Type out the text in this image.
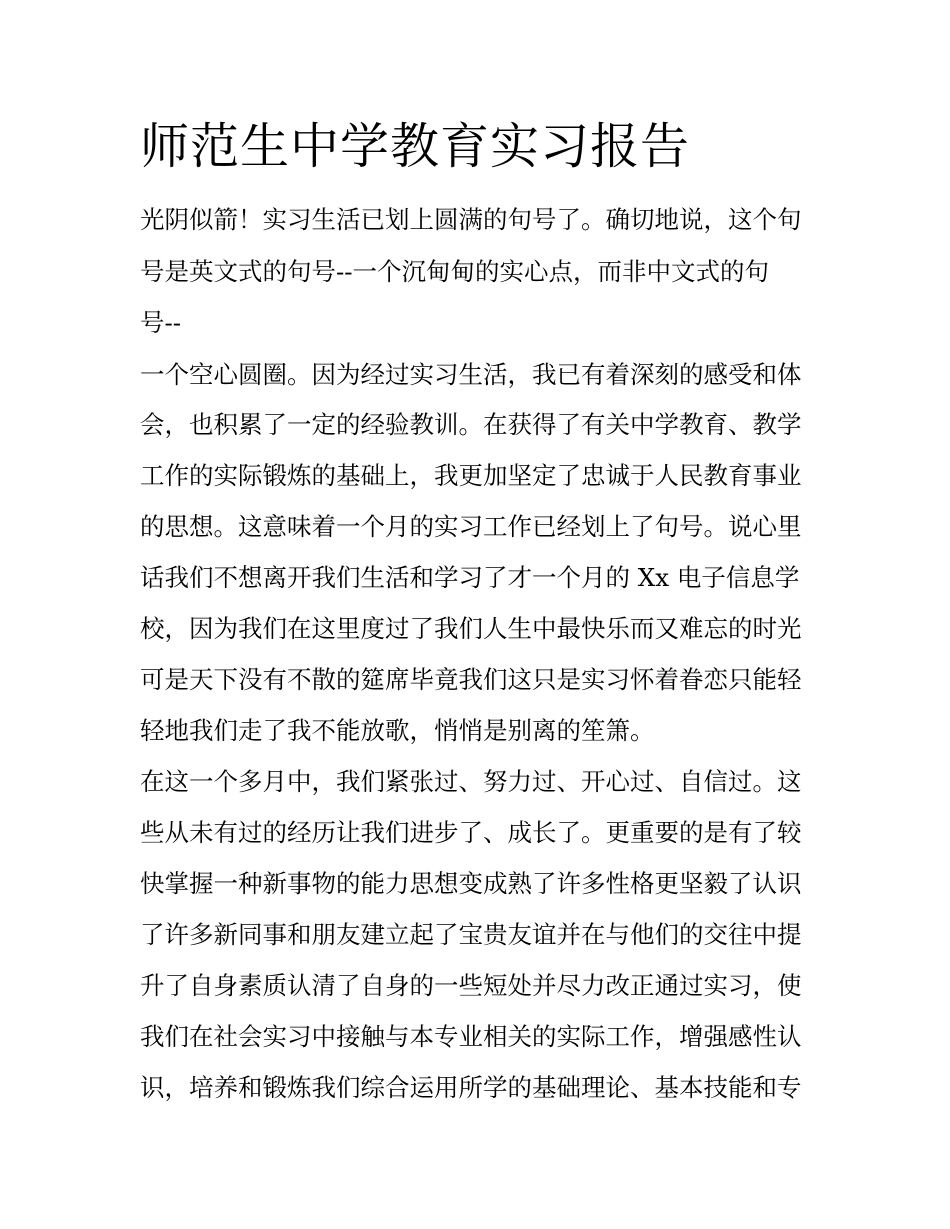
师范生中学教育实习报告

光阴似箭！实习生活已划上圆满的句号了。确切地说，这个句

号是英文式的句号--一个沉甸甸的实心点，而非中文式的句

号--

一个空心圆圈。因为经过实习生活，我已有着深刻的感受和体

会，也积累了一定的经验教训。在获得了有关中学教育、教学

工作的实际锻炼的基础上，我更加坚定了忠诚于人民教育事业

的思想。这意味着一个月的实习工作已经划上了句号。说心里

话我们不想离开我们生活和学习了才一个月的 Xx 电子信息学

校，因为我们在这里度过了我们人生中最快乐而又难忘的时光

可是天下没有不散的筵席毕竟我们这只是实习怀着眷恋只能轻

轻地我们走了我不能放歌，悄悄是别离的笙箫。

在这一个多月中，我们紧张过、努力过、开心过、自信过。这

些从未有过的经历让我们进步了、成长了。更重要的是有了较

快掌握一种新事物的能力思想变成熟了许多性格更坚毅了认识

了许多新同事和朋友建立起了宝贵友谊并在与他们的交往中提

升了自身素质认清了自身的一些短处并尽力改正通过实习，使

我们在社会实习中接触与本专业相关的实际工作，增强感性认

识，培养和锻炼我们综合运用所学的基础理论、基本技能和专
